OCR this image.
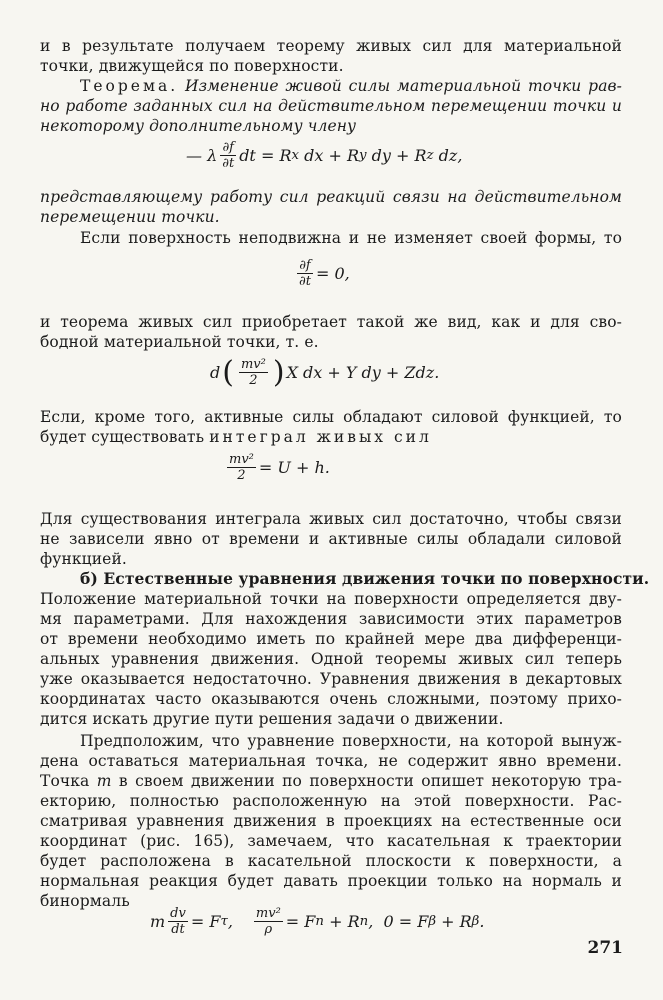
и в результате получаем теорему живых сил для материальной
точки, движущейся по поверхности.
Теорема. Изменение живой силы материальной точки рав-
но работе заданных сил на действительном перемещении точки и
некоторому дополнительному члену
— λ $\frac{\partial f}{\partial t}$ dt = R x dx + R y dy + R z dz,
представляющему работу сил реакций связи на действительном
перемещении точки.
Если поверхность неподвижна и не изменяет своей формы, то
$\frac{\partial f}{\partial t} = 0$,
и теорема живых сил приобретает такой же вид, как и для сво-
бодной материальной точки, т. е.
d ( $\frac{\text{mv²}}{2}$ ) X dx + Y dy + Zdz.
Если, кроме того, активные силы обладают силовой функцией, то
будет существовать интеграл живых сил
$\frac{\text{mv²}}{2} = U + h$.
Для существования интеграла живых сил достаточно, чтобы связи
не зависели явно от времени и активные силы обладали силовой
функцией.
б) Естественные уравнения движения точки по поверхности.
Положение материальной точки на поверхности определяется дву-
мя параметрами. Для нахождения зависимости этих параметров
от времени необходимо иметь по крайней мере два дифференци-
альных уравнения движения. Одной теоремы живых сил теперь
уже оказывается недостаточно. Уравнения движения в декартовых
координатах часто оказываются очень сложными, поэтому прихо-
дится искать другие пути решения задачи о движении.
Предположим, что уравнение поверхности, на которой вынуж-
дена оставаться материальная точка, не содержит явно времени.
Точка m в своем движении по поверхности опишет некоторую тра-
екторию, полностью расположенную на этой поверхности. Рас-
сматривая уравнения движения в проекциях на естественные оси
координат (рис. 165), замечаем, что касательная к траектории
будет расположена в касательной плоскости к поверхности, а
нормальная реакция будет давать проекции только на нормаль и
бинормаль
m $\frac{dv}{dt} = F$ τ , $\frac{\text{mv²}}{\rho} = F$ n + R n ,  0 = F β + R β .
271
